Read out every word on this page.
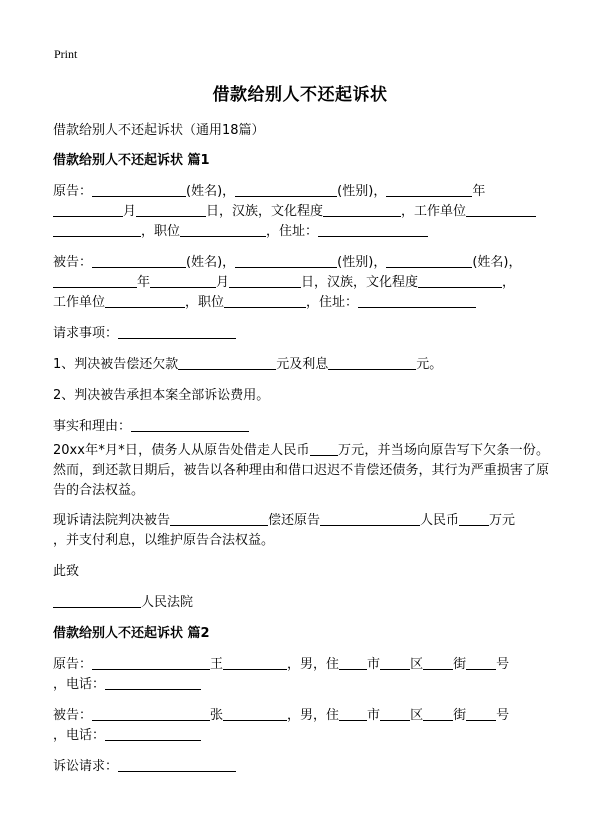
Print
借款给别人不还起诉状
借款给别人不还起诉状（通用18篇）
借款给别人不还起诉状 篇1
原告：	(姓名)，	(性别)，	年
月	日，汉族，文化程度	，工作单位
，职位	，住址：
被告：	(姓名)，	(性别)，	(姓名)，
年	月	日，汉族，文化程度	，
工作单位	，职位	，住址：
请求事项：
1、判决被告偿还欠款	元及利息	元。
2、判决被告承担本案全部诉讼费用。
事实和理由：
20xx年*月*日，债务人从原告处借走人民币 万元，并当场向原告写下欠条一份。然而，到还款日期后，被告以各种理由和借口迟迟不肯偿还债务，其行为严重损害了原告的合法权益。
现诉请法院判决被告	偿还原告	人民币 万元
，并支付利息，以维护原告合法权益。
此致
人民法院
借款给别人不还起诉状 篇2
原告：	王	，男，住 市 区 街 号
，电话：
被告：	张	，男，住 市 区 街 号
，电话：
诉讼请求：
